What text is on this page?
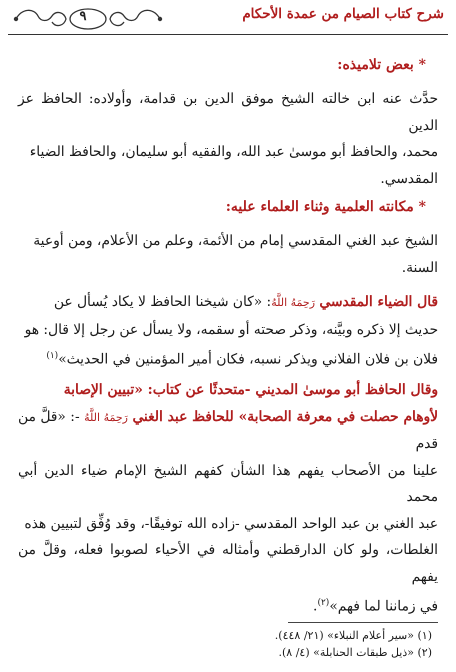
شرح كتاب الصيام من عمدة الأحكام
٩

* بعض تلاميذه:

حدَّث عنه ابن خالته الشيخ موفق الدين بن قدامة، وأولاده: الحافظ عز الدين

محمد، والحافظ أبو موسىٰ عبد الله، والفقيه أبو سليمان، والحافظ الضياء

المقدسي.

* مكانته العلمية وثناء العلماء عليه:

الشيخ عبد الغني المقدسي إمام من الأئمة، وعلم من الأعلام، ومن أوعية

السنة.

قال الضياء المقدسي رَحِمَهُ اللَّهُ: «كان شيخنا الحافظ لا يكاد يُسأل عن

حديث إلا ذكره وبيَّنه، وذكر صحته أو سقمه، ولا يسأل عن رجل إلا قال: هو

فلان بن فلان الفلاني ويذكر نسبه، فكان أمير المؤمنين في الحديث»$^{(١)}$

وقال الحافظ أبو موسىٰ المديني -متحدثًا عن كتاب: «تبيين الإصابة

لأوهام حصلت في معرفة الصحابة» للحافظ عبد الغني رَحِمَهُ اللَّهُ -: «قلَّ من قدم

علينا من الأصحاب يفهم هذا الشأن كفهم الشيخ الإمام ضياء الدين أبي محمد

عبد الغني بن عبد الواحد المقدسي -زاده الله توفيقًا-، وقد وُفِّق لتبيين هذه

الغلطات، ولو كان الدارقطني وأمثاله في الأحياء لصوبوا فعله، وقلَّ من يفهم

في زماننا لما فهم»$^{(٢)}$.

(١) «سير أعلام النبلاء» (٢١/ ٤٤٨).

(٢) «ذيل طبقات الحنابلة» (٤/ ٨).
